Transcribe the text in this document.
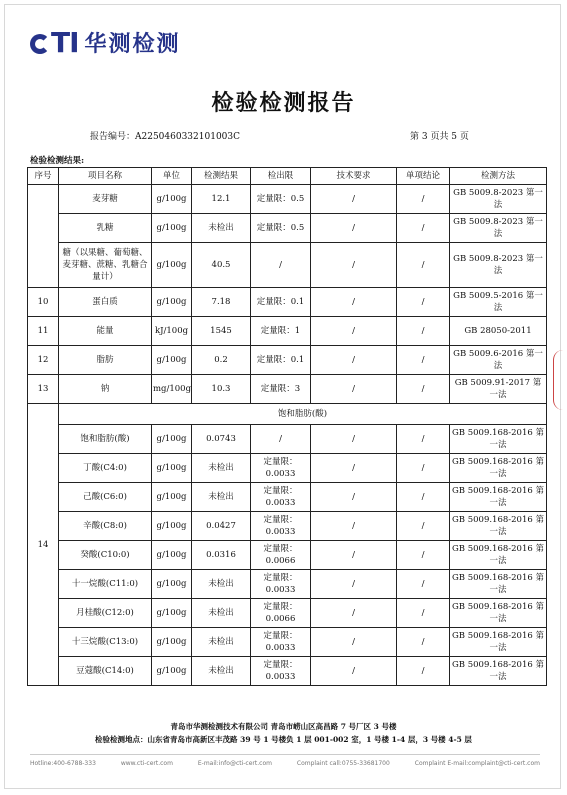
TI 华测检测
检验检测报告
报告编号：A2250460332101003C	第 3 页共 5 页
检验检测结果:
序号	项目名称	单位	检测结果	检出限	技术要求	单项结论	检测方法
	麦芽糖	g/100g	12.1	定量限：0.5	/	/	GB 5009.8-2023 第一法
	乳糖	g/100g	未检出	定量限：0.5	/	/	GB 5009.8-2023 第一法
	糖（以果糖、葡萄糖、麦芽糖、蔗糖、乳糖合量计）	g/100g	40.5	/	/	/	GB 5009.8-2023 第一法
10	蛋白质	g/100g	7.18	定量限：0.1	/	/	GB 5009.5-2016 第一法
11	能量	kJ/100g	1545	定量限：1	/	/	GB 28050-2011
12	脂肪	g/100g	0.2	定量限：0.1	/	/	GB 5009.6-2016 第一法
13	钠	mg/100g	10.3	定量限：3	/	/	GB 5009.91-2017 第一法
14	饱和脂肪(酸)						
	饱和脂肪(酸)	g/100g	0.0743	/	/	/	GB 5009.168-2016 第一法
	丁酸(C4:0)	g/100g	未检出	定量限：0.0033	/	/	GB 5009.168-2016 第一法
	己酸(C6:0)	g/100g	未检出	定量限：0.0033	/	/	GB 5009.168-2016 第一法
	辛酸(C8:0)	g/100g	0.0427	定量限：0.0033	/	/	GB 5009.168-2016 第一法
	癸酸(C10:0)	g/100g	0.0316	定量限：0.0066	/	/	GB 5009.168-2016 第一法
	十一烷酸(C11:0)	g/100g	未检出	定量限：0.0033	/	/	GB 5009.168-2016 第一法
	月桂酸(C12:0)	g/100g	未检出	定量限：0.0066	/	/	GB 5009.168-2016 第一法
	十三烷酸(C13:0)	g/100g	未检出	定量限：0.0033	/	/	GB 5009.168-2016 第一法
	豆蔻酸(C14:0)	g/100g	未检出	定量限：0.0033	/	/	GB 5009.168-2016 第一法
青岛市华测检测技术有限公司 青岛市崂山区高昌路 7 号厂区 3 号楼
检验检测地点：山东省青岛市高新区丰茂路 39 号 1 号楼负 1 层 001-002 室，1 号楼 1-4 层，3 号楼 4-5 层
Hotline:400-6788-333	www.cti-cert.com	E-mail:info@cti-cert.com	Complaint call:0755-33681700	Complaint E-mail:complaint@cti-cert.com
